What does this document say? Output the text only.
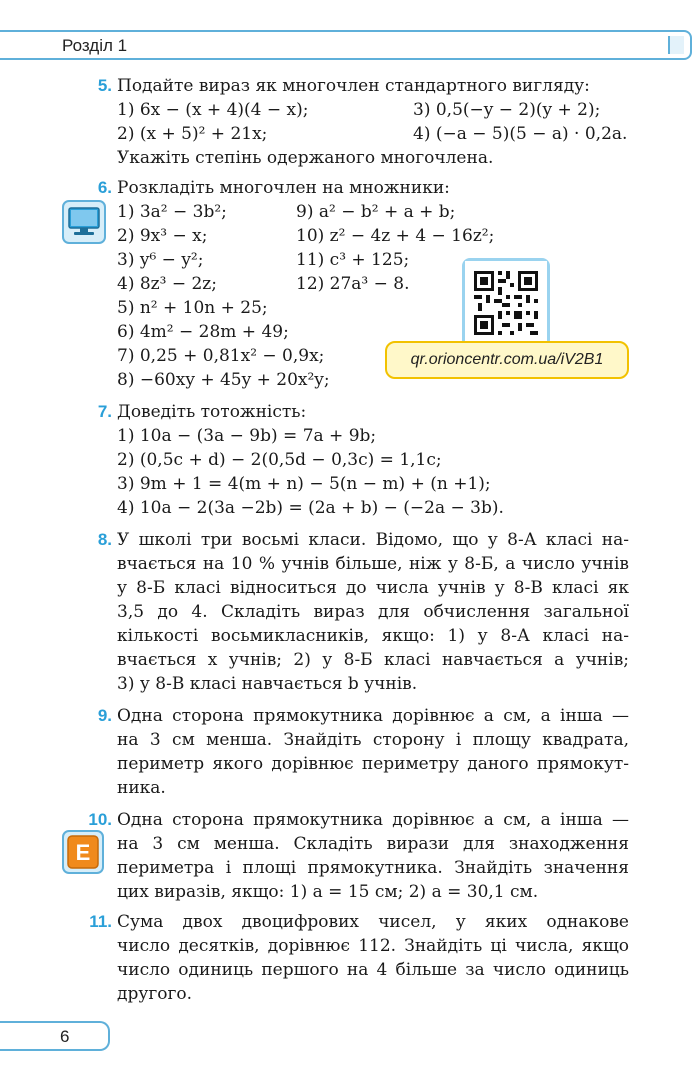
Розділ 1
5. Подайте вираз як многочлен стандартного вигляду:
1) 6x − (x + 4)(4 − x);	3) 0,5(−y − 2)(y + 2);
2) (x + 5)² + 21x;	4) (−a − 5)(5 − a) · 0,2a.
Укажіть степінь одержаного многочлена.
6. Розкладіть многочлен на множники:
1) 3a² − 3b²;
2) 9x³ − x;
3) y⁶ − y²;
4) 8z³ − 2z;
5) n² + 10n + 25;
6) 4m² − 28m + 49;
7) 0,25 + 0,81x² − 0,9x;
8) −60xy + 45y + 20x²y;
9) a² − b² + a + b;
10) z² − 4z + 4 − 16z²;
11) c³ + 125;
12) 27a³ − 8.
qr.orioncentr.com.ua/iV2B1
7. Доведіть тотожність:
1) 10a − (3a − 9b) = 7a + 9b;
2) (0,5c + d) − 2(0,5d − 0,3c) = 1,1c;
3) 9m + 1 = 4(m + n) − 5(n − m) + (n +1);
4) 10a − 2(3a −2b) = (2a + b) − (−2a − 3b).
8. У школі три восьмі класи. Відомо, що у 8-А класі на-
вчається на 10 % учнів більше, ніж у 8-Б, а число учнів
у 8-Б класі відноситься до числа учнів у 8-В класі як
3,5 до 4. Складіть вираз для обчислення загальної
кількості восьмикласників, якщо: 1) у 8-А класі на-
вчається x учнів; 2) у 8-Б класі навчається a учнів;
3) у 8-В класі навчається b учнів.
9. Одна сторона прямокутника дорівнює a см, а інша —
на 3 см менша. Знайдіть сторону і площу квадрата,
периметр якого дорівнює периметру даного прямокут-
ника.
10.
E
Одна сторона прямокутника дорівнює a см, а інша —
на 3 см менша. Складіть вирази для знаходження
периметра і площі прямокутника. Знайдіть значення
цих виразів, якщо: 1) a = 15 см; 2) a = 30,1 см.
11. Сума двох двоцифрових чисел, у яких однакове
число десятків, дорівнює 112. Знайдіть ці числа, якщо
число одиниць першого на 4 більше за число одиниць
другого.
6
